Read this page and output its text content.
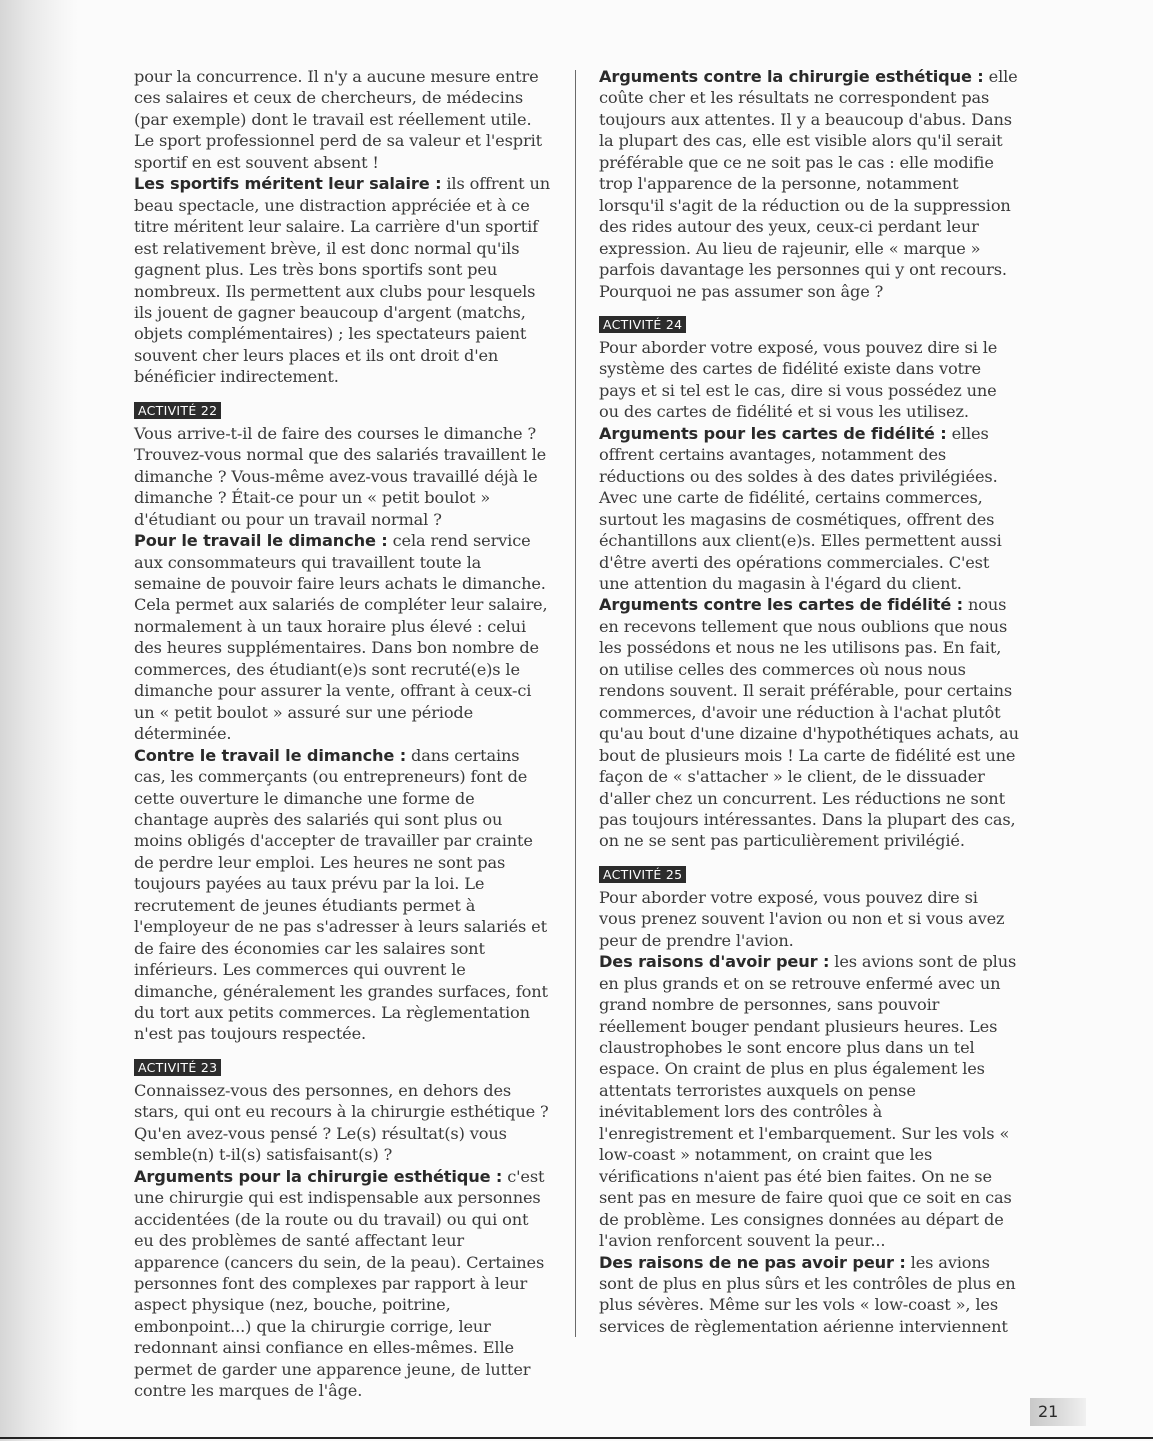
pour la concurrence. Il n'y a aucune mesure entre ces salaires et ceux de chercheurs, de médecins (par exemple) dont le travail est réellement utile. Le sport professionnel perd de sa valeur et l'esprit sportif en est souvent absent !

Les sportifs méritent leur salaire : ils offrent un beau spectacle, une distraction appréciée et à ce titre méritent leur salaire. La carrière d'un sportif est relativement brève, il est donc normal qu'ils gagnent plus. Les très bons sportifs sont peu nombreux. Ils permettent aux clubs pour lesquels ils jouent de gagner beaucoup d'argent (matchs, objets complémentaires) ; les spectateurs paient souvent cher leurs places et ils ont droit d'en bénéficier indirectement.

ACTIVITÉ 22

Vous arrive-t-il de faire des courses le dimanche ? Trouvez-vous normal que des salariés travaillent le dimanche ? Vous-même avez-vous travaillé déjà le dimanche ? Était-ce pour un « petit boulot » d'étudiant ou pour un travail normal ?

Pour le travail le dimanche : cela rend service aux consommateurs qui travaillent toute la semaine de pouvoir faire leurs achats le dimanche. Cela permet aux salariés de compléter leur salaire, normalement à un taux horaire plus élevé : celui des heures supplémentaires. Dans bon nombre de commerces, des étudiant(e)s sont recruté(e)s le dimanche pour assurer la vente, offrant à ceux-ci un « petit boulot » assuré sur une période déterminée.

Contre le travail le dimanche : dans certains cas, les commerçants (ou entrepreneurs) font de cette ouverture le dimanche une forme de chantage auprès des salariés qui sont plus ou moins obligés d'accepter de travailler par crainte de perdre leur emploi. Les heures ne sont pas toujours payées au taux prévu par la loi. Le recrutement de jeunes étudiants permet à l'employeur de ne pas s'adresser à leurs salariés et de faire des économies car les salaires sont inférieurs. Les commerces qui ouvrent le dimanche, généralement les grandes surfaces, font du tort aux petits commerces. La règlementation n'est pas toujours respectée.

ACTIVITÉ 23

Connaissez-vous des personnes, en dehors des stars, qui ont eu recours à la chirurgie esthétique ? Qu'en avez-vous pensé ? Le(s) résultat(s) vous semble(n) t-il(s) satisfaisant(s) ?

Arguments pour la chirurgie esthétique : c'est une chirurgie qui est indispensable aux personnes accidentées (de la route ou du travail) ou qui ont eu des problèmes de santé affectant leur apparence (cancers du sein, de la peau). Certaines personnes font des complexes par rapport à leur aspect physique (nez, bouche, poitrine, embonpoint...) que la chirurgie corrige, leur redonnant ainsi confiance en elles-mêmes. Elle permet de garder une apparence jeune, de lutter contre les marques de l'âge.

Arguments contre la chirurgie esthétique : elle coûte cher et les résultats ne correspondent pas toujours aux attentes. Il y a beaucoup d'abus. Dans la plupart des cas, elle est visible alors qu'il serait préférable que ce ne soit pas le cas : elle modifie trop l'apparence de la personne, notamment lorsqu'il s'agit de la réduction ou de la suppression des rides autour des yeux, ceux-ci perdant leur expression. Au lieu de rajeunir, elle « marque » parfois davantage les personnes qui y ont recours. Pourquoi ne pas assumer son âge ?

ACTIVITÉ 24

Pour aborder votre exposé, vous pouvez dire si le système des cartes de fidélité existe dans votre pays et si tel est le cas, dire si vous possédez une ou des cartes de fidélité et si vous les utilisez.

Arguments pour les cartes de fidélité : elles offrent certains avantages, notamment des réductions ou des soldes à des dates privilégiées. Avec une carte de fidélité, certains commerces, surtout les magasins de cosmétiques, offrent des échantillons aux client(e)s. Elles permettent aussi d'être averti des opérations commerciales. C'est une attention du magasin à l'égard du client.

Arguments contre les cartes de fidélité : nous en recevons tellement que nous oublions que nous les possédons et nous ne les utilisons pas. En fait, on utilise celles des commerces où nous nous rendons souvent. Il serait préférable, pour certains commerces, d'avoir une réduction à l'achat plutôt qu'au bout d'une dizaine d'hypothétiques achats, au bout de plusieurs mois ! La carte de fidélité est une façon de « s'attacher » le client, de le dissuader d'aller chez un concurrent. Les réductions ne sont pas toujours intéressantes. Dans la plupart des cas, on ne se sent pas particulièrement privilégié.

ACTIVITÉ 25

Pour aborder votre exposé, vous pouvez dire si vous prenez souvent l'avion ou non et si vous avez peur de prendre l'avion.

Des raisons d'avoir peur : les avions sont de plus en plus grands et on se retrouve enfermé avec un grand nombre de personnes, sans pouvoir réellement bouger pendant plusieurs heures. Les claustrophobes le sont encore plus dans un tel espace. On craint de plus en plus également les attentats terroristes auxquels on pense inévitablement lors des contrôles à l'enregistrement et l'embarquement. Sur les vols « low-coast » notamment, on craint que les vérifications n'aient pas été bien faites. On ne se sent pas en mesure de faire quoi que ce soit en cas de problème. Les consignes données au départ de l'avion renforcent souvent la peur...

Des raisons de ne pas avoir peur : les avions sont de plus en plus sûrs et les contrôles de plus en plus sévères. Même sur les vols « low-coast », les services de règlementation aérienne interviennent

21
